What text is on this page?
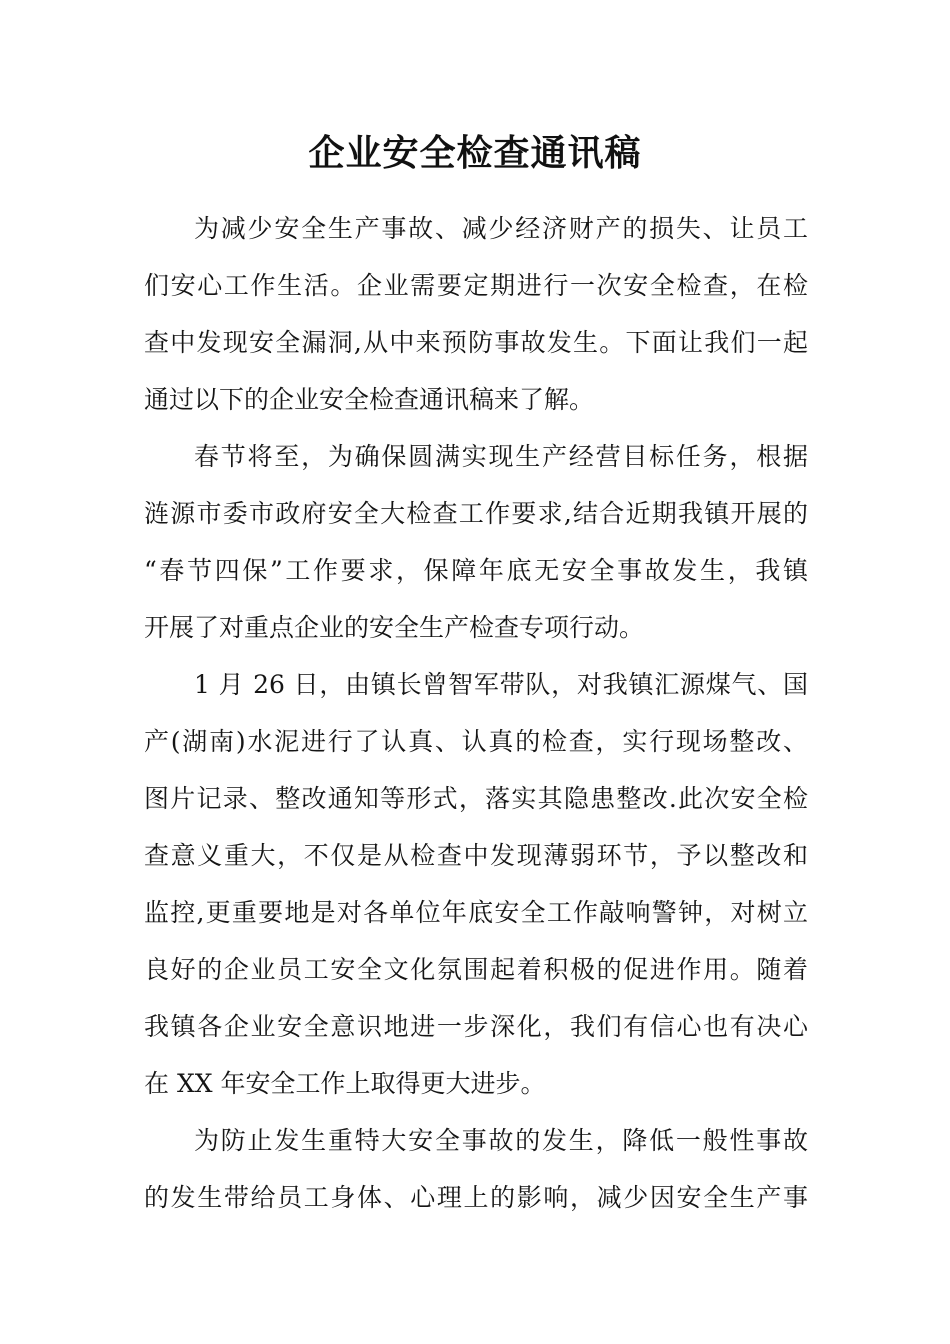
企业安全检查通讯稿
为减少安全生产事故、减少经济财产的损失、让员工
们安心工作生活。企业需要定期进行一次安全检查，在检
查中发现安全漏洞,从中来预防事故发生。下面让我们一起
通过以下的企业安全检查通讯稿来了解。
春节将至，为确保圆满实现生产经营目标任务，根据
涟源市委市政府安全大检查工作要求,结合近期我镇开展的
“春节四保”工作要求，保障年底无安全事故发生，我镇
开展了对重点企业的安全生产检查专项行动。
1 月 26 日，由镇长曾智军带队，对我镇汇源煤气、国
产(湖南)水泥进行了认真、认真的检查，实行现场整改、
图片记录、整改通知等形式，落实其隐患整改.此次安全检
查意义重大，不仅是从检查中发现薄弱环节，予以整改和
监控,更重要地是对各单位年底安全工作敲响警钟，对树立
良好的企业员工安全文化氛围起着积极的促进作用。随着
我镇各企业安全意识地进一步深化，我们有信心也有决心
在 XX 年安全工作上取得更大进步。
为防止发生重特大安全事故的发生，降低一般性事故
的发生带给员工身体、心理上的影响，减少因安全生产事
